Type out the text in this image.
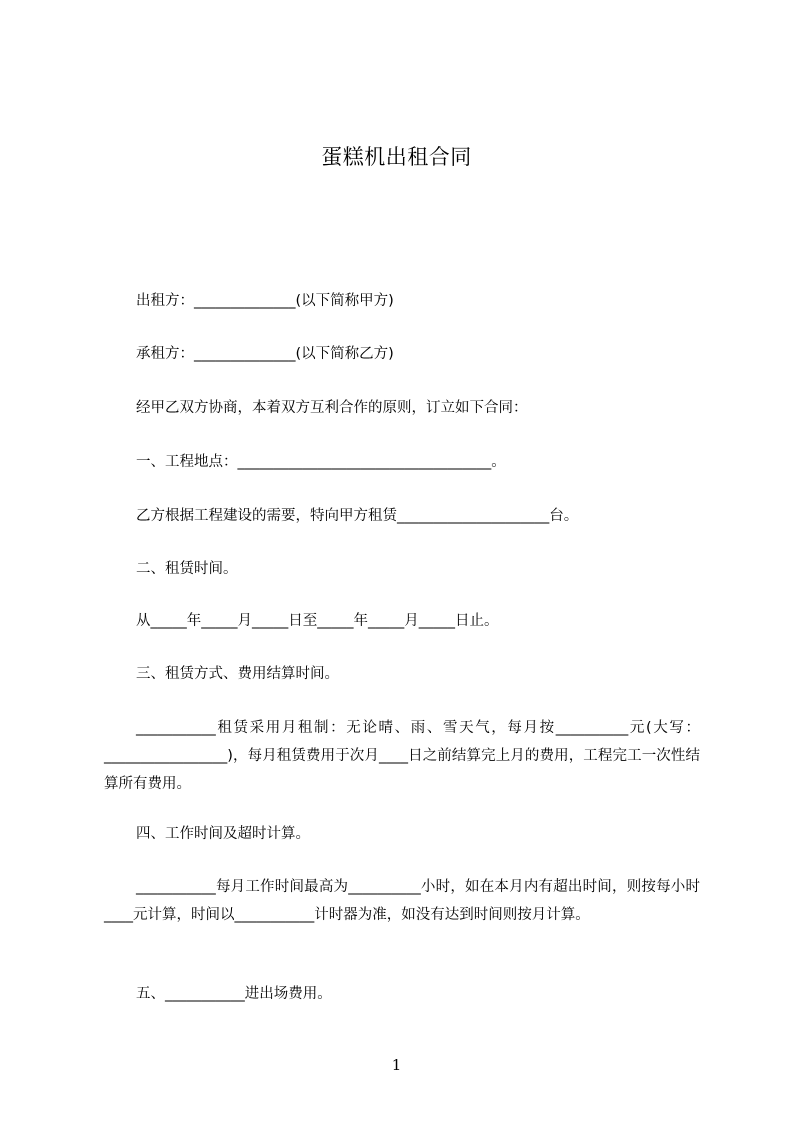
蛋糕机出租合同
出租方：______________(以下简称甲方)
承租方：______________(以下简称乙方)
经甲乙双方协商，本着双方互利合作的原则，订立如下合同：
一、工程地点：___________________________________。
乙方根据工程建设的需要，特向甲方租赁_____________________台。
二、租赁时间。
从_____年_____月_____日至_____年_____月_____日止。
三、租赁方式、费用结算时间。
___________租赁采用月租制：无论晴、雨、雪天气，每月按__________元(大写：_________________)，每月租赁费用于次月____日之前结算完上月的费用，工程完工一次性结算所有费用。
四、工作时间及超时计算。
___________每月工作时间最高为__________小时，如在本月内有超出时间，则按每小时____元计算，时间以___________计时器为准，如没有达到时间则按月计算。
五、___________进出场费用。
1
